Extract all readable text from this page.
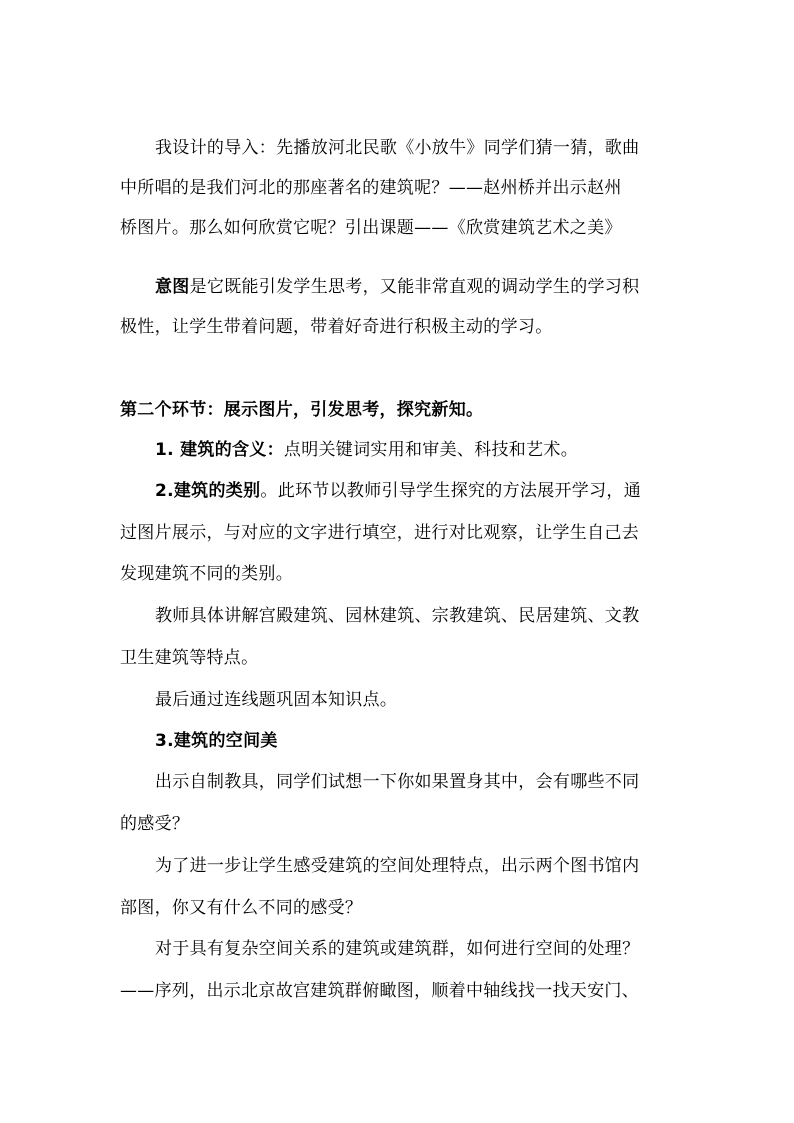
我设计的导入：先播放河北民歌《小放牛》同学们猜一猜，歌曲
中所唱的是我们河北的那座著名的建筑呢？——赵州桥并出示赵州
桥图片。那么如何欣赏它呢？引出课题——《欣赏建筑艺术之美》
意图是它既能引发学生思考，又能非常直观的调动学生的学习积
极性，让学生带着问题，带着好奇进行积极主动的学习。
第二个环节：展示图片，引发思考，探究新知。
1. 建筑的含义：点明关键词实用和审美、科技和艺术。
2.建筑的类别。此环节以教师引导学生探究的方法展开学习，通
过图片展示，与对应的文字进行填空，进行对比观察，让学生自己去
发现建筑不同的类别。
教师具体讲解宫殿建筑、园林建筑、宗教建筑、民居建筑、文教
卫生建筑等特点。
最后通过连线题巩固本知识点。
3.建筑的空间美
出示自制教具，同学们试想一下你如果置身其中，会有哪些不同
的感受？
为了进一步让学生感受建筑的空间处理特点，出示两个图书馆内
部图，你又有什么不同的感受？
对于具有复杂空间关系的建筑或建筑群，如何进行空间的处理？
——序列，出示北京故宫建筑群俯瞰图，顺着中轴线找一找天安门、
